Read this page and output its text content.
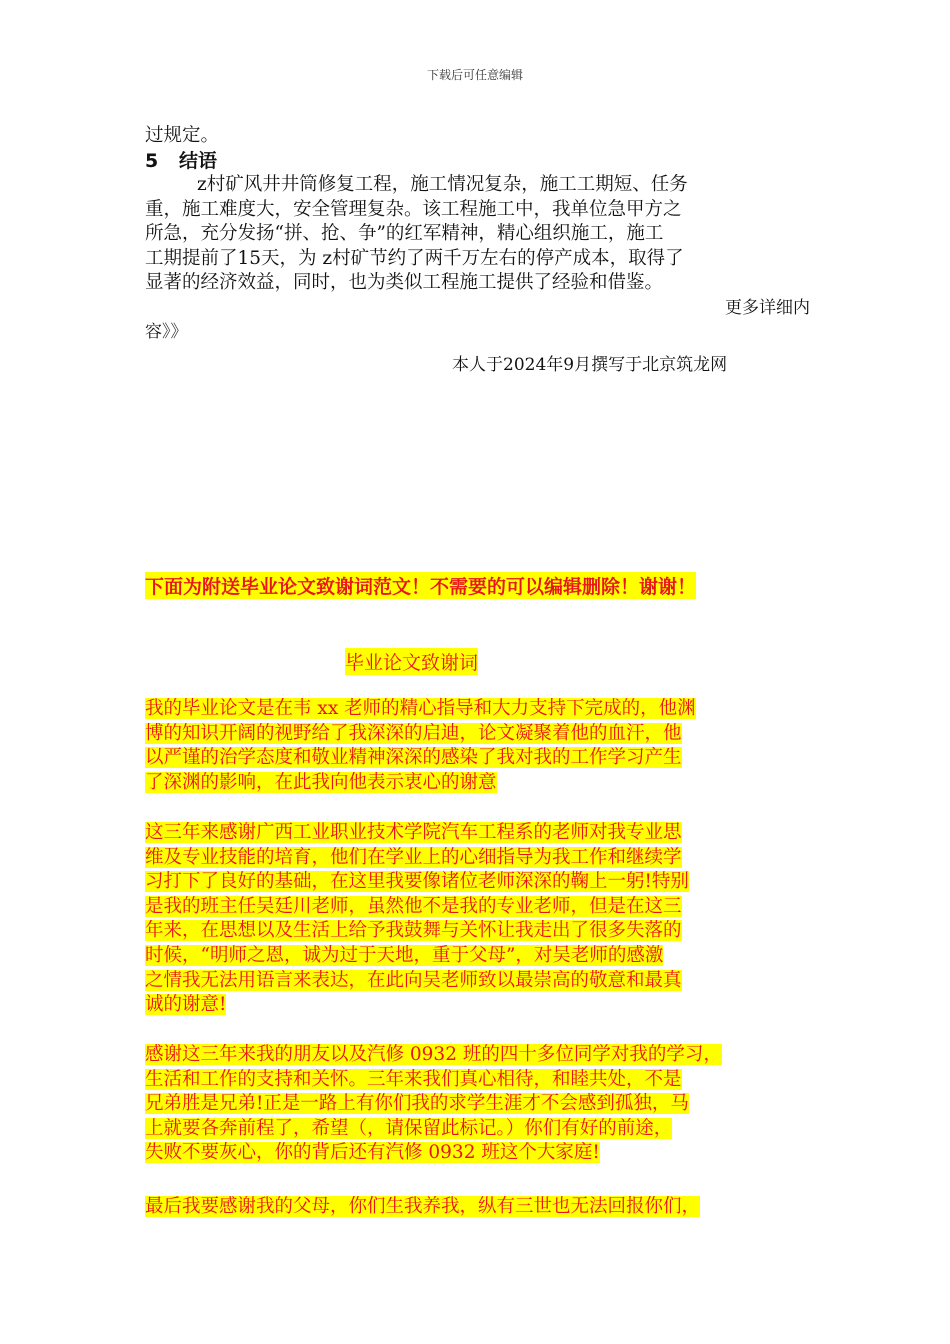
下载后可任意编辑
过规定。
5 结语
z村矿风井井筒修复工程，施工情况复杂，施工工期短、任务
重，施工难度大，安全管理复杂。该工程施工中，我单位急甲方之
所急，充分发扬“拼、抢、争”的红军精神，精心组织施工，施工
工期提前了15天，为 z村矿节约了两千万左右的停产成本，取得了
显著的经济效益，同时，也为类似工程施工提供了经验和借鉴。
更多详细内
容》》
本人于2024年9月撰写于北京筑龙网
下面为附送毕业论文致谢词范文！不需要的可以编辑删除！谢谢！
毕业论文致谢词
我的毕业论文是在韦 xx 老师的精心指导和大力支持下完成的，他渊
博的知识开阔的视野给了我深深的启迪，论文凝聚着他的血汗，他
以严谨的治学态度和敬业精神深深的感染了我对我的工作学习产生
了深渊的影响，在此我向他表示衷心的谢意
这三年来感谢广西工业职业技术学院汽车工程系的老师对我专业思
维及专业技能的培育，他们在学业上的心细指导为我工作和继续学
习打下了良好的基础，在这里我要像诸位老师深深的鞠上一躬!特别
是我的班主任吴廷川老师，虽然他不是我的专业老师，但是在这三
年来，在思想以及生活上给予我鼓舞与关怀让我走出了很多失落的
时候，“明师之恩，诚为过于天地，重于父母”，对吴老师的感激
之情我无法用语言来表达，在此向吴老师致以最崇高的敬意和最真
诚的谢意!
感谢这三年来我的朋友以及汽修 0932 班的四十多位同学对我的学习，
生活和工作的支持和关怀。三年来我们真心相待，和睦共处，不是
兄弟胜是兄弟!正是一路上有你们我的求学生涯才不会感到孤独，马
上就要各奔前程了，希望（，请保留此标记。）你们有好的前途，
失败不要灰心，你的背后还有汽修 0932 班这个大家庭!
最后我要感谢我的父母，你们生我养我，纵有三世也无法回报你们，
